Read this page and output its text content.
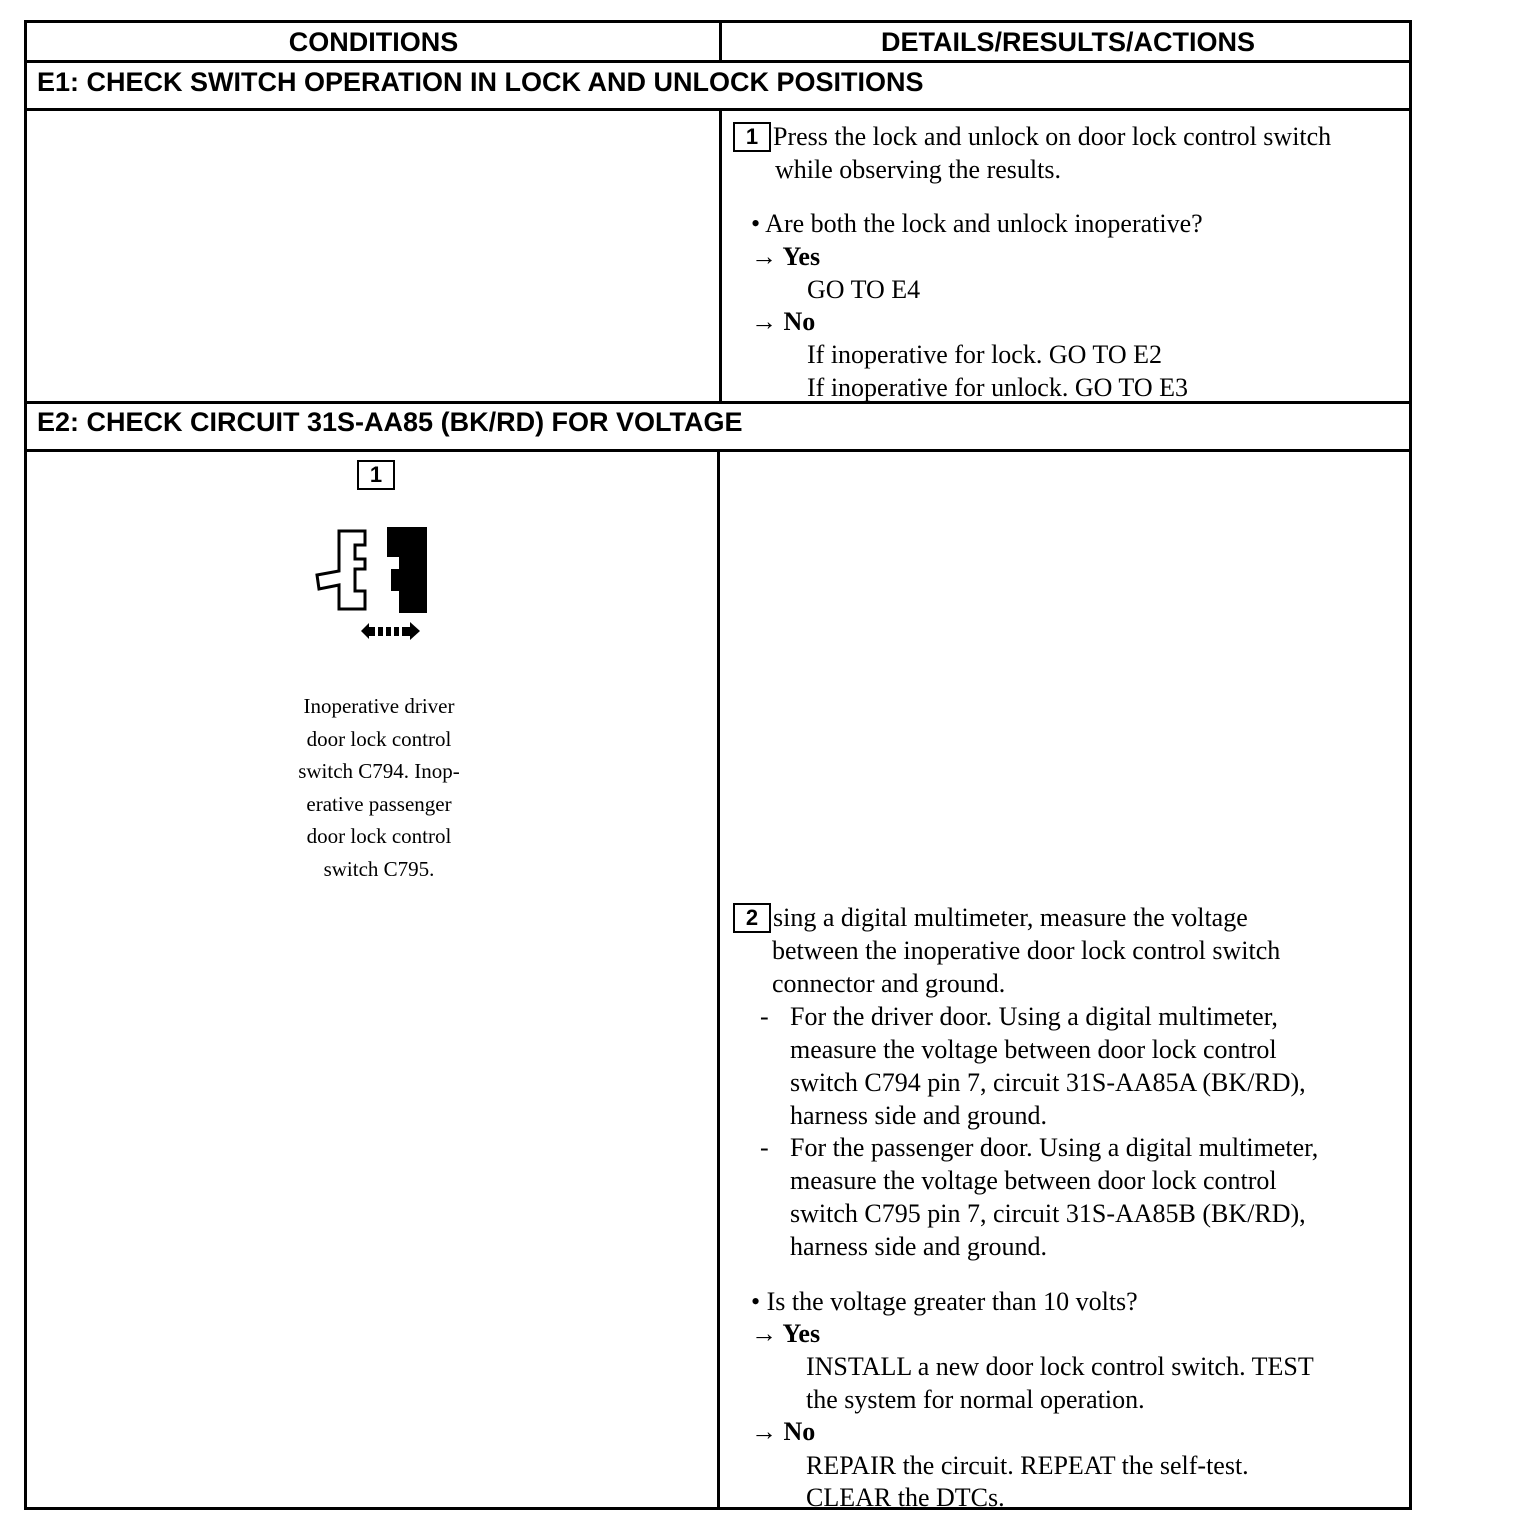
CONDITIONS	DETAILS/RESULTS/ACTIONS
E1: CHECK SWITCH OPERATION IN LOCK AND UNLOCK POSITIONS
1 Press the lock and unlock on door lock control switch
while observing the results.
• Are both the lock and unlock inoperative?
→ Yes
GO TO E4
→ No
If inoperative for lock. GO TO E2
If inoperative for unlock. GO TO E3
E2: CHECK CIRCUIT 31S-AA85 (BK/RD) FOR VOLTAGE
1
Inoperative driver
door lock control
switch C794. Inop-
erative passenger
door lock control
switch C795.
2 sing a digital multimeter, measure the voltage
between the inoperative door lock control switch
connector and ground.
- For the driver door. Using a digital multimeter,
measure the voltage between door lock control
switch C794 pin 7, circuit 31S-AA85A (BK/RD),
harness side and ground.
- For the passenger door. Using a digital multimeter,
measure the voltage between door lock control
switch C795 pin 7, circuit 31S-AA85B (BK/RD),
harness side and ground.
• Is the voltage greater than 10 volts?
→ Yes
INSTALL a new door lock control switch. TEST
the system for normal operation.
→ No
REPAIR the circuit. REPEAT the self-test.
CLEAR the DTCs.
